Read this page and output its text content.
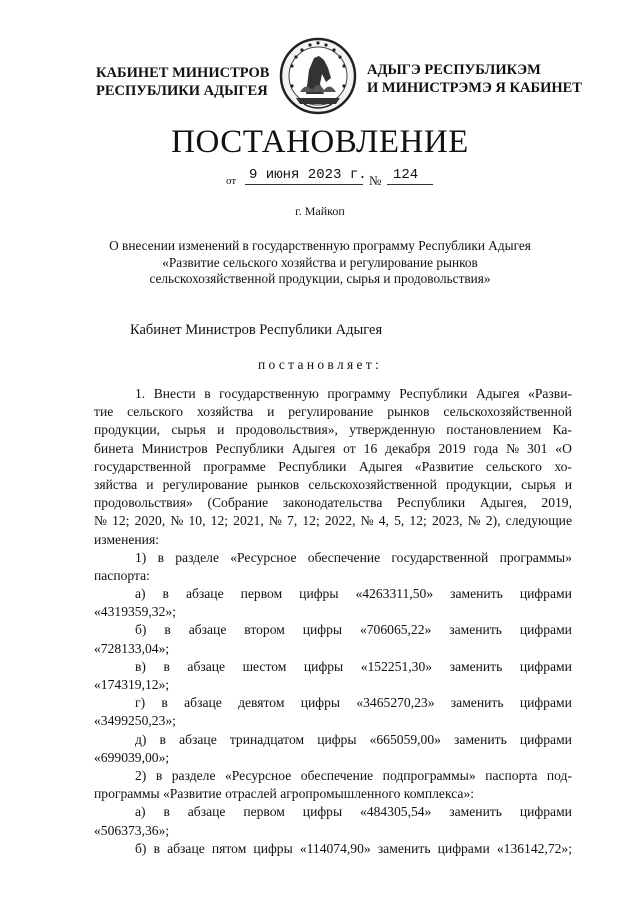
КАБИНЕТ МИНИСТРОВ
РЕСПУБЛИКИ АДЫГЕЯ
АДЫГЭ РЕСПУБЛИКЭМ
И МИНИСТРЭМЭ Я КАБИНЕТ
ПОСТАНОВЛЕНИЕ
от 9 июня 2023 г. № 124
г. Майкоп
О внесении изменений в государственную программу Республики Адыгея «Развитие сельского хозяйства и регулирование рынков сельскохозяйственной продукции, сырья и продовольствия»
Кабинет Министров Республики Адыгея
постановляет:
1. Внести в государственную программу Республики Адыгея «Разви-
тие сельского хозяйства и регулирование рынков сельскохозяйственной
продукции, сырья и продовольствия», утвержденную постановлением Ка-
бинета Министров Республики Адыгея от 16 декабря 2019 года № 301 «О
государственной программе Республики Адыгея «Развитие сельского хо-
зяйства и регулирование рынков сельскохозяйственной продукции, сырья и
продовольствия» (Собрание законодательства Республики Адыгея, 2019,
№ 12; 2020, № 10, 12; 2021, № 7, 12; 2022, № 4, 5, 12; 2023, № 2), следующие
изменения:
1) в разделе «Ресурсное обеспечение государственной программы»
паспорта:
а) в абзаце первом цифры «4263311,50» заменить цифрами
«4319359,32»;
б) в абзаце втором цифры «706065,22» заменить цифрами
«728133,04»;
в) в абзаце шестом цифры «152251,30» заменить цифрами
«174319,12»;
г) в абзаце девятом цифры «3465270,23» заменить цифрами
«3499250,23»;
д) в абзаце тринадцатом цифры «665059,00» заменить цифрами
«699039,00»;
2) в разделе «Ресурсное обеспечение подпрограммы» паспорта под-
программы «Развитие отраслей агропромышленного комплекса»:
а) в абзаце первом цифры «484305,54» заменить цифрами
«506373,36»;
б) в абзаце пятом цифры «114074,90» заменить цифрами «136142,72»;
